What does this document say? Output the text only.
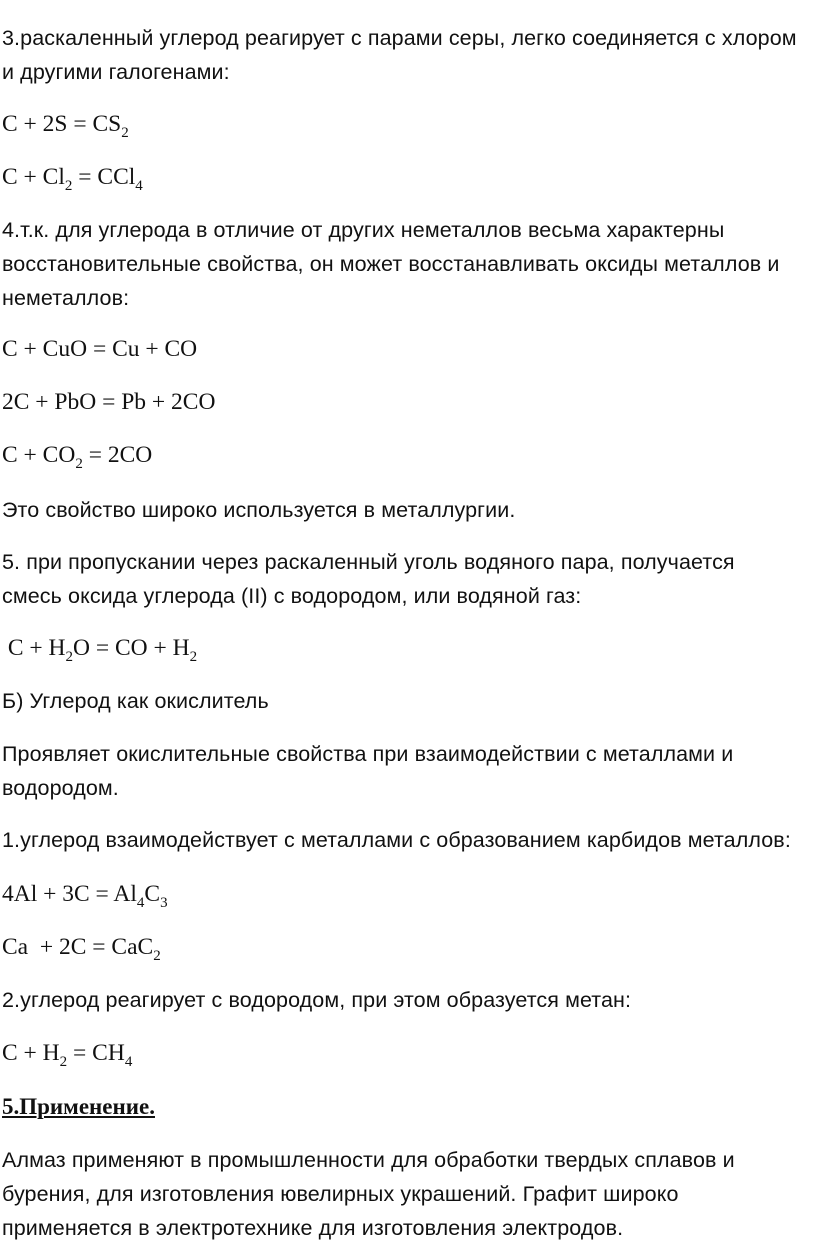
3.раскаленный углерод реагирует с парами серы, легко соединяется с хлором
и другими галогенами:
$C + 2S = CS_2$
$C + Cl_2 = CCl_4$
4.т.к. для углерода в отличие от других неметаллов весьма характерны
восстановительные свойства, он может восстанавливать оксиды металлов и
неметаллов:
C + CuO = Cu + CO
2C + PbO = Pb + 2CO
$C + CO_2 = 2CO$
Это свойство широко используется в металлургии.
5. при пропускании через раскаленный уголь водяного пара, получается
смесь оксида углерода (II) с водородом, или водяной газ:
$C + H_2O$ = CO + $H_2$
Б) Углерод как окислитель
Проявляет окислительные свойства при взаимодействии с металлами и
водородом.
1.углерод взаимодействует с металлами с образованием карбидов металлов:
$4Al + 3C = Al_4C_3$
Ca  + 2C = CaC$_2$
2.углерод реагирует с водородом, при этом образуется метан:
$C + H_2 = CH_4$
5.Применение.
Алмаз применяют в промышленности для обработки твердых сплавов и
бурения, для изготовления ювелирных украшений. Графит широко
применяется в электротехнике для изготовления электродов.
